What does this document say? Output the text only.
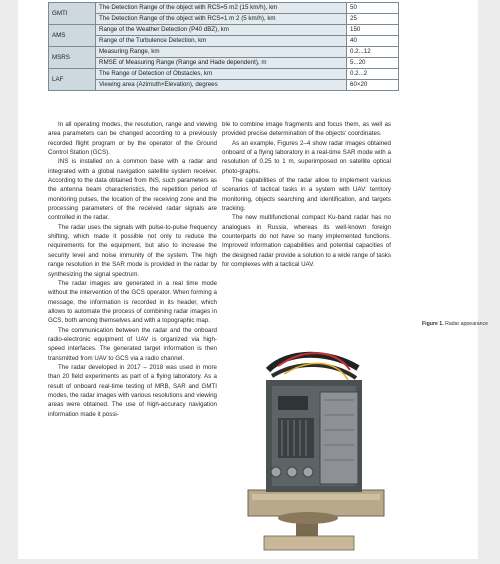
GMTI	The Detection Range of the object with RCS=5 m2 (15 km/h), km	50
	The Detection Range of the object with RCS=1 m 2 (5 km/h), km	25
AMS	Range of the Weather Detection (P40 dBZ), km	150
	Range of the Turbulence Detection, km	40
MSRS	Measuring Range, km	0.2...12
	RMSE of Measuring Range (Range and Hade dependent), m	5...20
LAF	The Range of Detection of Obstacles, km	0.2...2
	Viewing area (Azimuth×Elevation), degrees	60×20

In all operating modes, the resolution, range and viewing area parameters can be changed according to a previously recorded flight program or by the operator of the Ground Control Station (GCS).

INS is installed on a common base with a radar and integrated with a global navigation satellite system receiver. According to the data obtained from INS, such parameters as the antenna beam characteristics, the repetition period of monitoring pulses, the location of the receiving zone and the processing parameters of the received radar signals are controlled in the radar.

The radar uses the signals with pulse-to-pulse frequency shifting, which made it possible not only to reduce the requirements for the equipment, but also to increase the security level and noise immunity of the system. The high range resolution in the SAR mode is provided in the radar by synthesizing the signal spectrum.

The radar images are generated in a real time mode without the intervention of the GCS operator. When forming a message, the information is recorded in its header, which allows to automate the process of combining radar images in GCS, both among themselves and with a topographic map.

The communication between the radar and the onboard radio-electronic equipment of UAV is organized via high-speed interfaces. The generated target information is then transmitted from UAV to GCS via a radio channel.

The radar developed in 2017 – 2018 was used in more than 20 field experiments as part of a flying laboratory. As a result of onboard real-time testing of MRB, SAR and GMTI modes, the radar images with various resolutions and viewing areas were obtained. The use of high-accuracy navigation information made it possi-

ble to combine image fragments and focus them, as well as provided precise determination of the objects' coordinates.

As an example, Figures 2–4 show radar images obtained onboard of a flying laboratory in a real-time SAR mode with a resolution of 0.25 to 1 m, superimposed on satellite optical photo-graphs.

The capabilities of the radar allow to implement various scenarios of tactical tasks in a system with UAV: territory monitoring, objects searching and identification, and targets tracking.

The new multifunctional compact Ku-band radar has no analogues in Russia, whereas its well-known foreign counterparts do not have so many implemented functions. Improved information capabilities and potential capacities of the designed radar provide a solution to a wide range of tasks for complexes with a tactical UAV.

Figure 1. Radar appearance
